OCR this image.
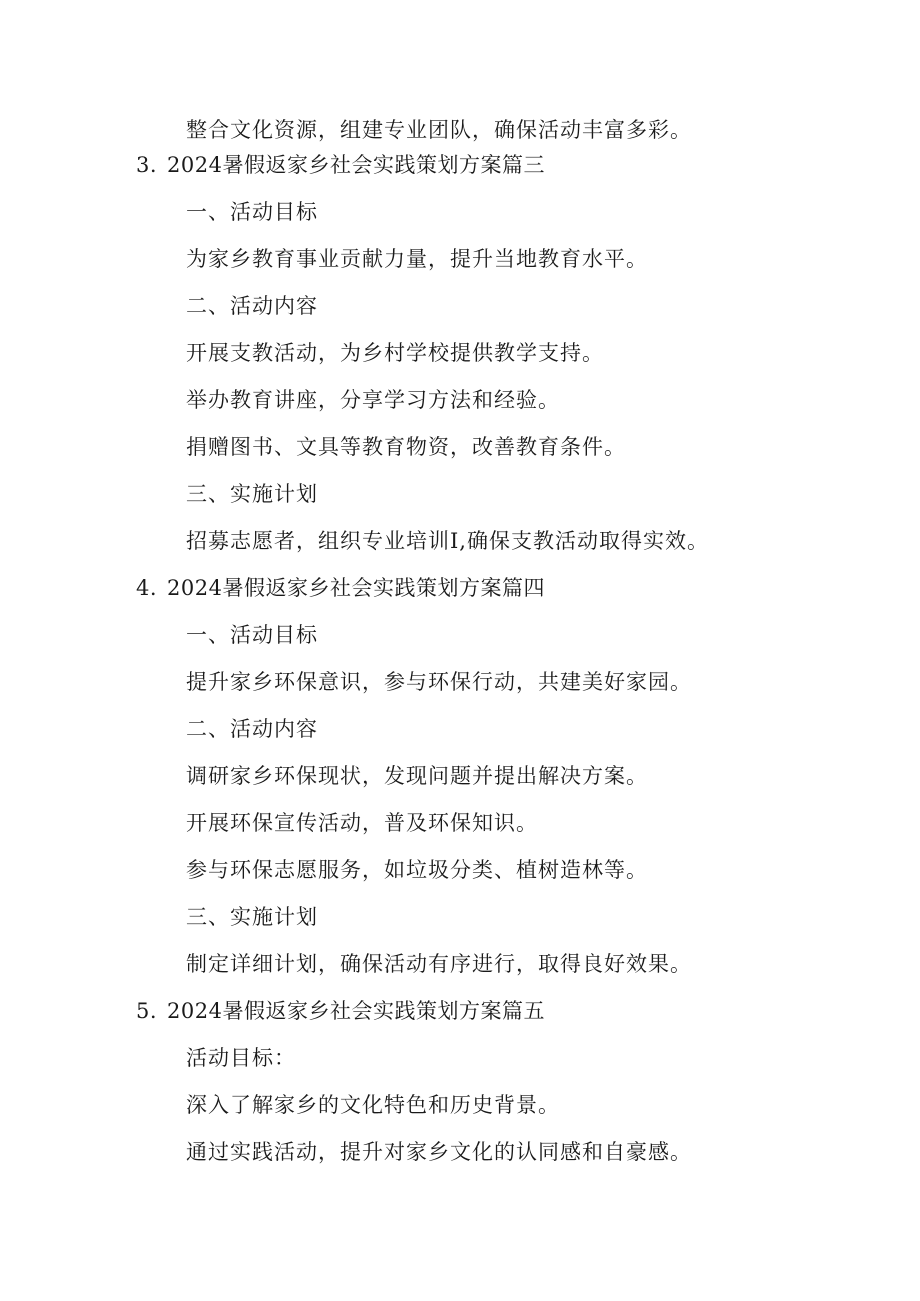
整合文化资源，组建专业团队，确保活动丰富多彩。
3. 2024暑假返家乡社会实践策划方案篇三
一、活动目标
为家乡教育事业贡献力量，提升当地教育水平。
二、活动内容
开展支教活动，为乡村学校提供教学支持。
举办教育讲座，分享学习方法和经验。
捐赠图书、文具等教育物资，改善教育条件。
三、实施计划
招募志愿者，组织专业培训I,确保支教活动取得实效。
4. 2024暑假返家乡社会实践策划方案篇四
一、活动目标
提升家乡环保意识，参与环保行动，共建美好家园。
二、活动内容
调研家乡环保现状，发现问题并提出解决方案。
开展环保宣传活动，普及环保知识。
参与环保志愿服务，如垃圾分类、植树造林等。
三、实施计划
制定详细计划，确保活动有序进行，取得良好效果。
5. 2024暑假返家乡社会实践策划方案篇五
活动目标：
深入了解家乡的文化特色和历史背景。
通过实践活动，提升对家乡文化的认同感和自豪感。
